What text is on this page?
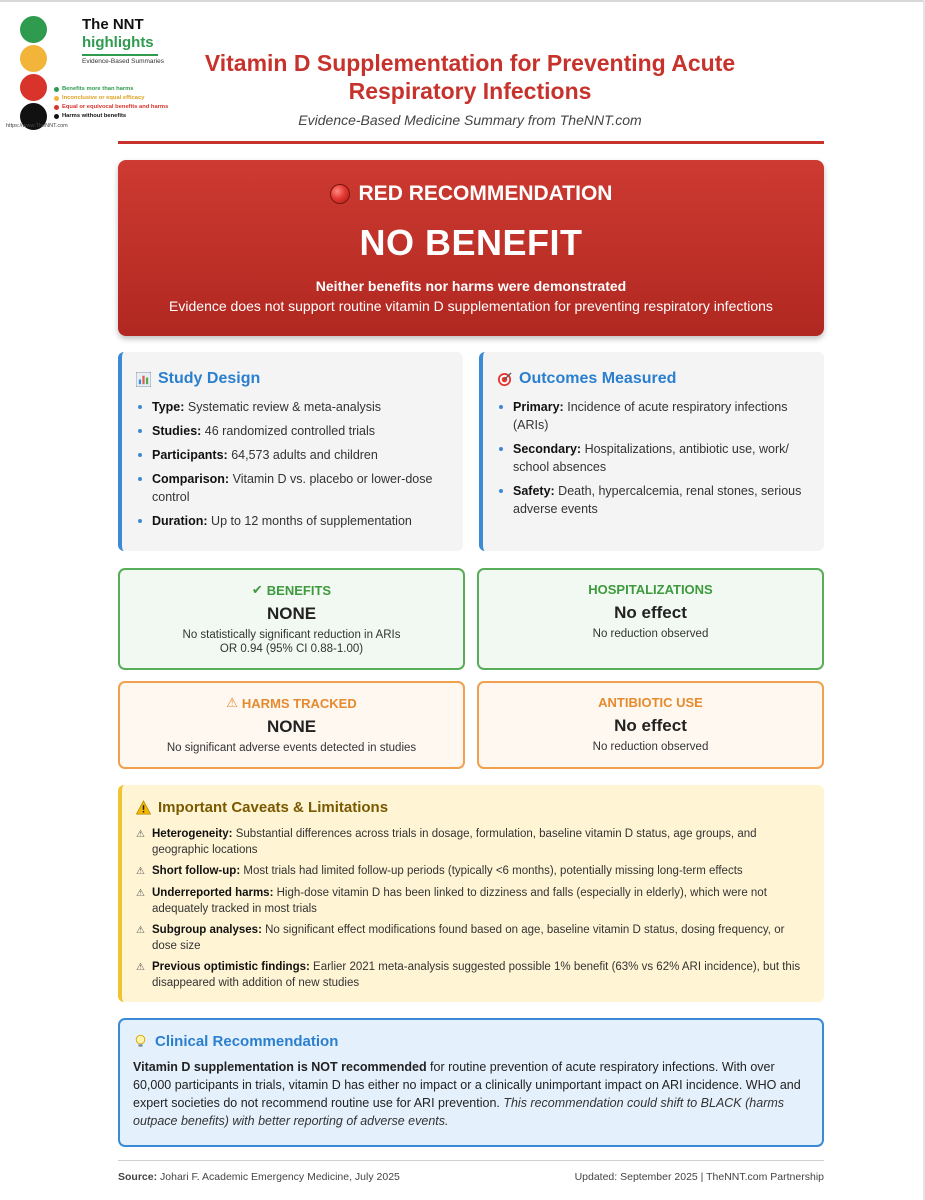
The NNT
highlights
Evidence-Based Summaries
Benefits more than harms
Inconclusive or equal efficacy
Equal or equivocal benefits and harms
Harms without benefits
https://www.TheNNT.com
Vitamin D Supplementation for Preventing Acute
Respiratory Infections
Evidence-Based Medicine Summary from TheNNT.com
RED RECOMMENDATION
NO BENEFIT
Neither benefits nor harms were demonstrated
Evidence does not support routine vitamin D supplementation for preventing respiratory infections
Study Design
Type: Systematic review & meta-analysis
Studies: 46 randomized controlled trials
Participants: 64,573 adults and children
Comparison: Vitamin D vs. placebo or lower-dose control
Duration: Up to 12 months of supplementation
Outcomes Measured
Primary: Incidence of acute respiratory infections (ARIs)
Secondary: Hospitalizations, antibiotic use, work/ school absences
Safety: Death, hypercalcemia, renal stones, serious adverse events
✔ BENEFITS
NONE
No statistically significant reduction in ARIs
OR 0.94 (95% CI 0.88-1.00)
HOSPITALIZATIONS
No effect
No reduction observed
⚠ HARMS TRACKED
NONE
No significant adverse events detected in studies
ANTIBIOTIC USE
No effect
No reduction observed
Important Caveats & Limitations
⚠ Heterogeneity: Substantial differences across trials in dosage, formulation, baseline vitamin D status, age groups, and geographic locations
⚠ Short follow-up: Most trials had limited follow-up periods (typically <6 months), potentially missing long-term effects
⚠ Underreported harms: High-dose vitamin D has been linked to dizziness and falls (especially in elderly), which were not adequately tracked in most trials
⚠ Subgroup analyses: No significant effect modifications found based on age, baseline vitamin D status, dosing frequency, or dose size
⚠ Previous optimistic findings: Earlier 2021 meta-analysis suggested possible 1% benefit (63% vs 62% ARI incidence), but this disappeared with addition of new studies
Clinical Recommendation
Vitamin D supplementation is NOT recommended for routine prevention of acute respiratory infections. With over 60,000 participants in trials, vitamin D has either no impact or a clinically unimportant impact on ARI incidence. WHO and expert societies do not recommend routine use for ARI prevention. This recommendation could shift to BLACK (harms outpace benefits) with better reporting of adverse events.
Source: Johari F. Academic Emergency Medicine, July 2025	Updated: September 2025 | TheNNT.com Partnership
